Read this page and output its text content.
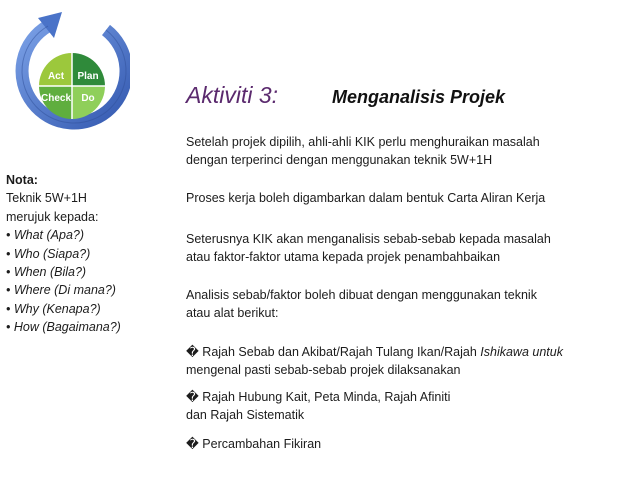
Act Plan
Check Do
Nota:
Teknik 5W+1H
merujuk kepada:
• What (Apa?)
• Who (Siapa?)
• When (Bila?)
• Where (Di mana?)
• Why (Kenapa?)
• How (Bagaimana?)
Aktiviti 3:	Menganalisis Projek
Setelah projek dipilih, ahli-ahli KIK perlu menghuraikan masalah
dengan terperinci dengan menggunakan teknik 5W+1H
Proses kerja boleh digambarkan dalam bentuk Carta Aliran Kerja
Seterusnya KIK akan menganalisis sebab-sebab kepada masalah
atau faktor-faktor utama kepada projek penambahbaikan
Analisis sebab/faktor boleh dibuat dengan menggunakan teknik
atau alat berikut:
� Rajah Sebab dan Akibat/Rajah Tulang Ikan/Rajah Ishikawa untuk
mengenal pasti sebab-sebab projek dilaksanakan
� Rajah Hubung Kait, Peta Minda, Rajah Afiniti
dan Rajah Sistematik
� Percambahan Fikiran
